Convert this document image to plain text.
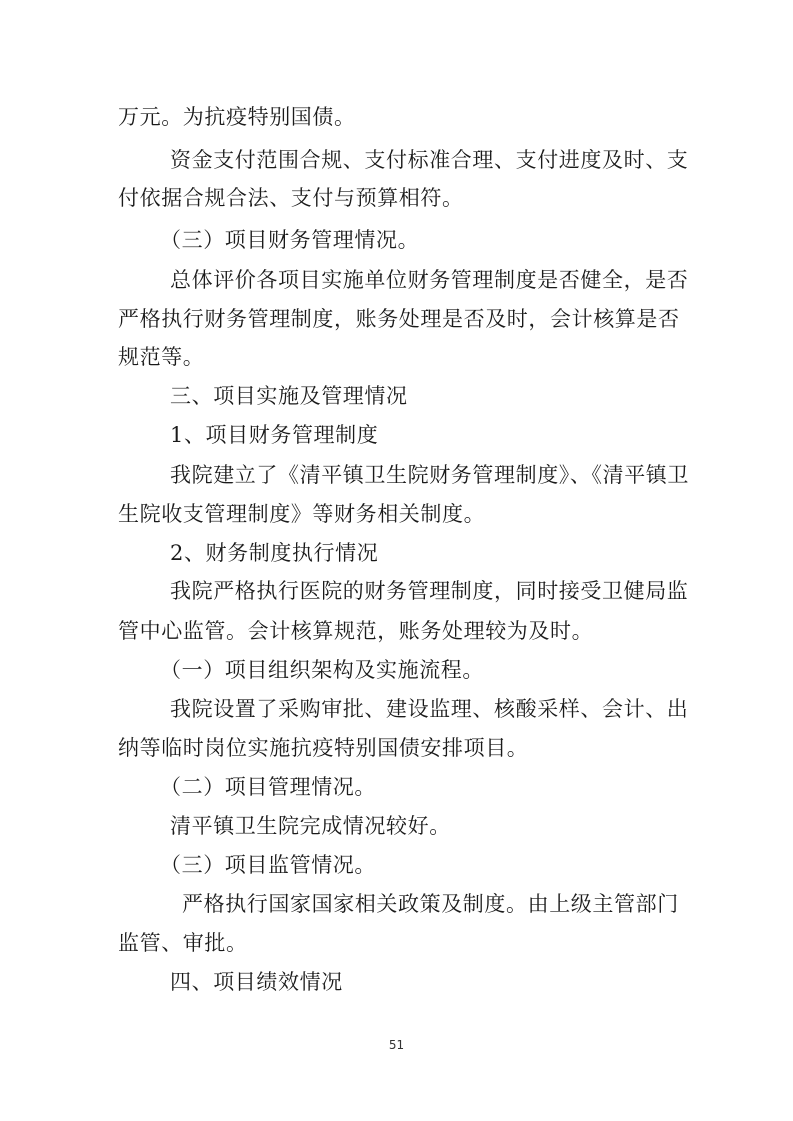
万元。为抗疫特别国债。
资金支付范围合规、支付标准合理、支付进度及时、支
付依据合规合法、支付与预算相符。
（三）项目财务管理情况。
总体评价各项目实施单位财务管理制度是否健全，是否
严格执行财务管理制度，账务处理是否及时，会计核算是否
规范等。
三、项目实施及管理情况
1、项目财务管理制度
我院建立了《清平镇卫生院财务管理制度》、《清平镇卫
生院收支管理制度》等财务相关制度。
2、财务制度执行情况
我院严格执行医院的财务管理制度，同时接受卫健局监
管中心监管。会计核算规范，账务处理较为及时。
（一）项目组织架构及实施流程。
我院设置了采购审批、建设监理、核酸采样、会计、出
纳等临时岗位实施抗疫特别国债安排项目。
（二）项目管理情况。
清平镇卫生院完成情况较好。
（三）项目监管情况。
严格执行国家国家相关政策及制度。由上级主管部门
监管、审批。
四、项目绩效情况
51
